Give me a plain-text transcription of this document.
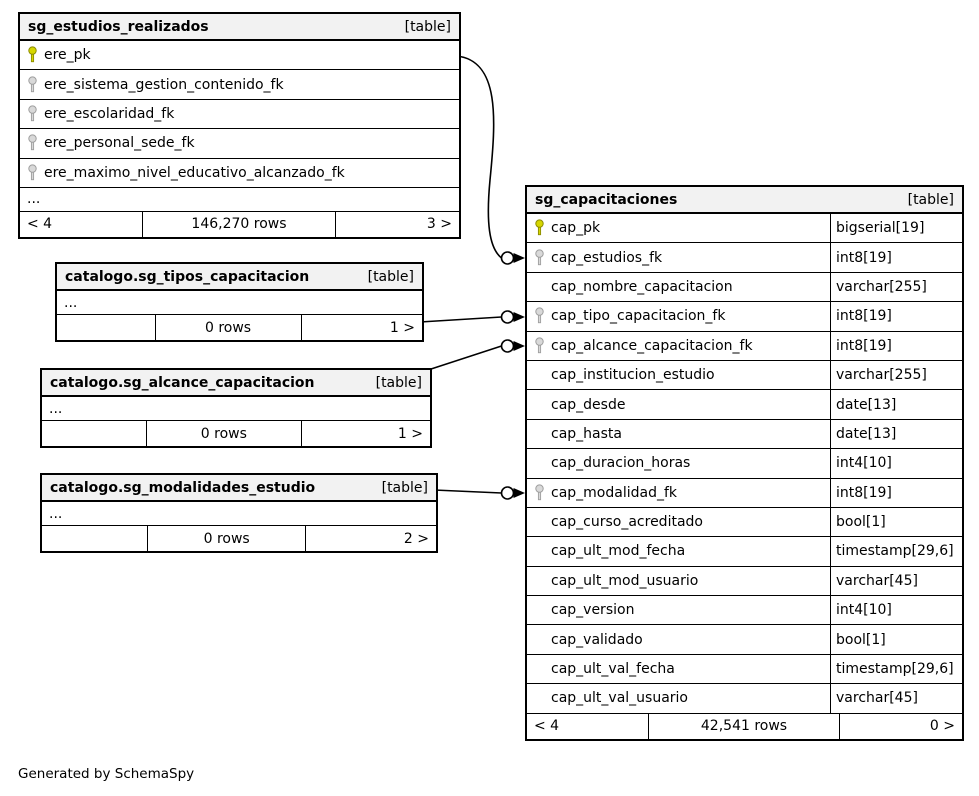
sg_estudios_realizados	[table]
ere_pk
ere_sistema_gestion_contenido_fk
ere_escolaridad_fk
ere_personal_sede_fk
ere_maximo_nivel_educativo_alcanzado_fk
...
< 4	146,270 rows	3 >
catalogo.sg_tipos_capacitacion	[table]
...
0 rows	1 >
catalogo.sg_alcance_capacitacion	[table]
...
0 rows	1 >
catalogo.sg_modalidades_estudio	[table]
...
0 rows	2 >
sg_capacitaciones	[table]
cap_pk	bigserial[19]
cap_estudios_fk	int8[19]
cap_nombre_capacitacion	varchar[255]
cap_tipo_capacitacion_fk	int8[19]
cap_alcance_capacitacion_fk	int8[19]
cap_institucion_estudio	varchar[255]
cap_desde	date[13]
cap_hasta	date[13]
cap_duracion_horas	int4[10]
cap_modalidad_fk	int8[19]
cap_curso_acreditado	bool[1]
cap_ult_mod_fecha	timestamp[29,6]
cap_ult_mod_usuario	varchar[45]
cap_version	int4[10]
cap_validado	bool[1]
cap_ult_val_fecha	timestamp[29,6]
cap_ult_val_usuario	varchar[45]
< 4	42,541 rows	0 >
Generated by SchemaSpy
